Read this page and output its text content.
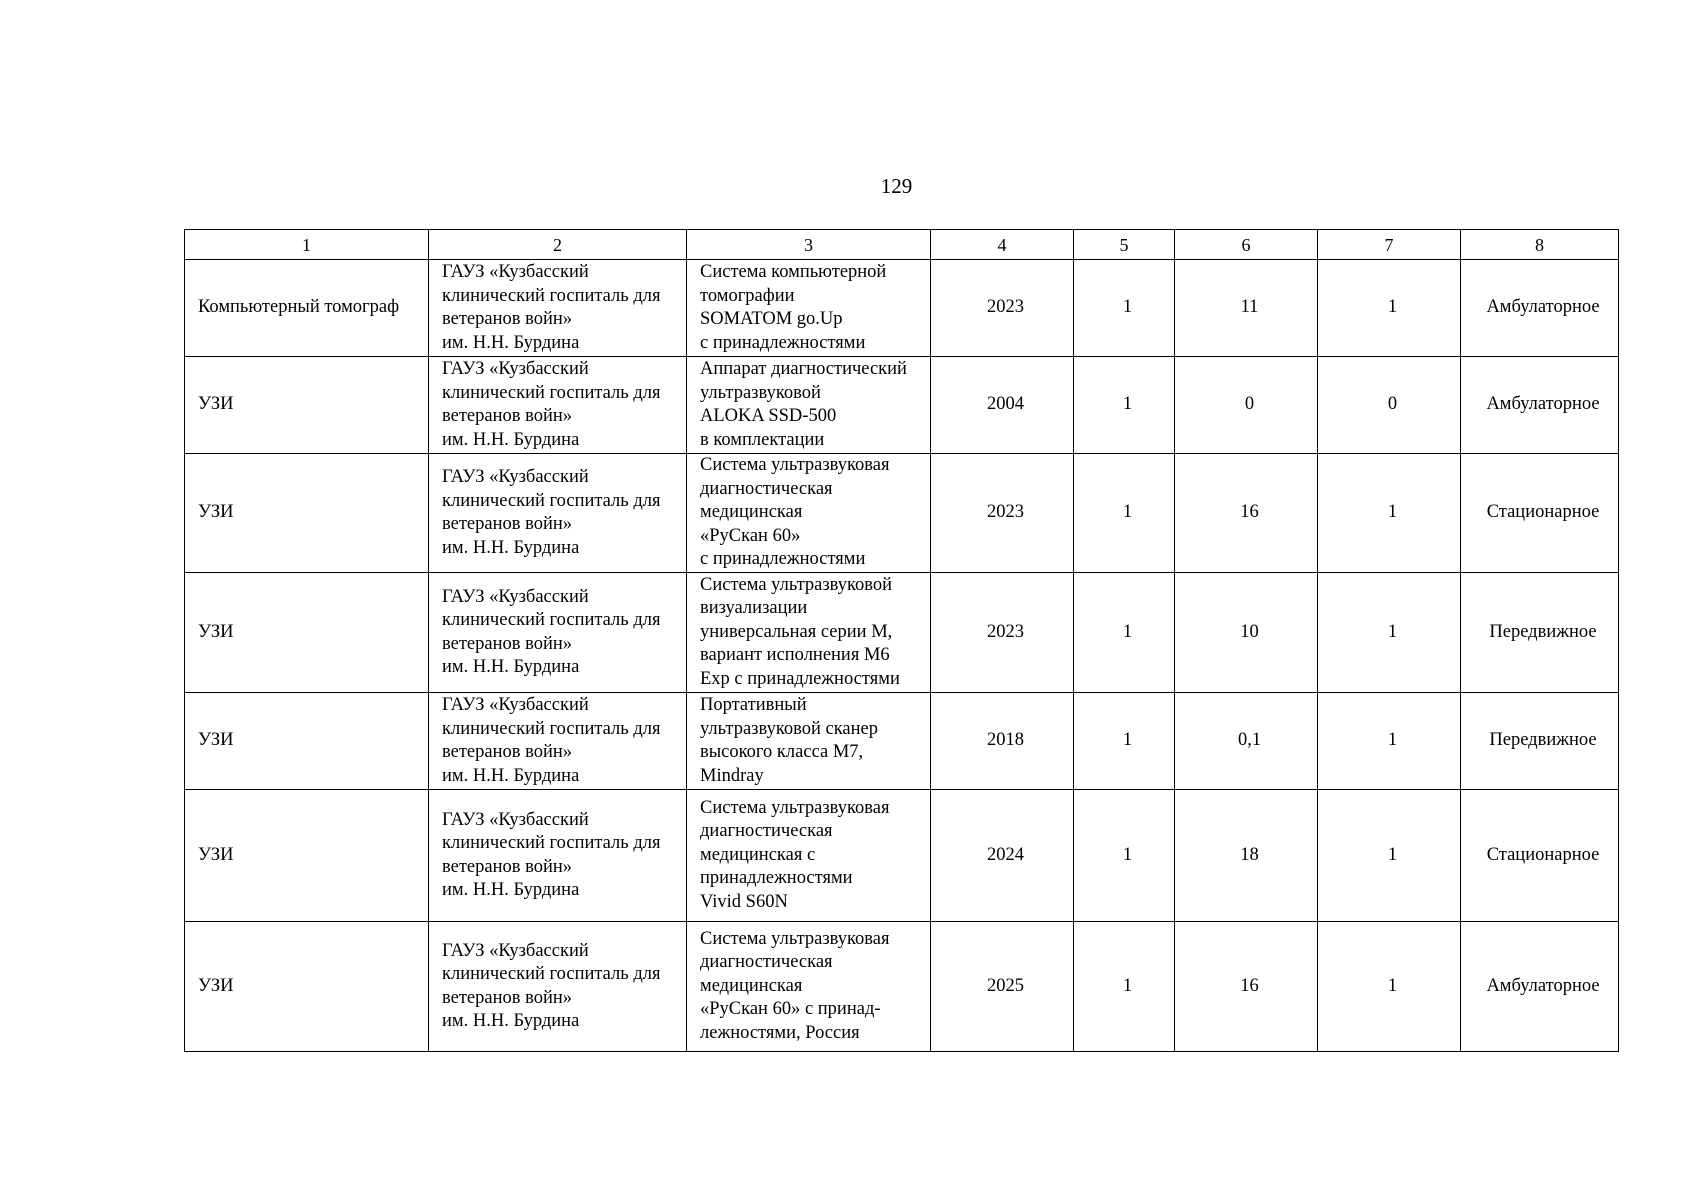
129
1	2	3	4	5	6	7	8
Компьютерный томограф	ГАУЗ «Кузбасский
клинический госпиталь для
ветеранов войн»
им. Н.Н. Бурдина	Система компьютерной
томографии
SOMATOM go.Up
с принадлежностями	2023	1	11	1	Амбулаторное
УЗИ	ГАУЗ «Кузбасский
клинический госпиталь для
ветеранов войн»
им. Н.Н. Бурдина	Аппарат диагностический
ультразвуковой
ALOKA SSD-500
в комплектации	2004	1	0	0	Амбулаторное
УЗИ	ГАУЗ «Кузбасский
клинический госпиталь для
ветеранов войн»
им. Н.Н. Бурдина	Система ультразвуковая
диагностическая
медицинская
«РуСкан 60»
с принадлежностями	2023	1	16	1	Стационарное
УЗИ	ГАУЗ «Кузбасский
клинический госпиталь для
ветеранов войн»
им. Н.Н. Бурдина	Система ультразвуковой
визуализации
универсальная серии M,
вариант исполнения M6
Exp с принадлежностями	2023	1	10	1	Передвижное
УЗИ	ГАУЗ «Кузбасский
клинический госпиталь для
ветеранов войн»
им. Н.Н. Бурдина	Портативный
ультразвуковой сканер
высокого класса М7,
Mindray	2018	1	0,1	1	Передвижное
УЗИ	ГАУЗ «Кузбасский
клинический госпиталь для
ветеранов войн»
им. Н.Н. Бурдина	Система ультразвуковая
диагностическая
медицинская с
принадлежностями
Vivid S60N	2024	1	18	1	Стационарное
УЗИ	ГАУЗ «Кузбасский
клинический госпиталь для
ветеранов войн»
им. Н.Н. Бурдина	Система ультразвуковая
диагностическая
медицинская
«РуСкан 60» с принад-
лежностями, Россия	2025	1	16	1	Амбулаторное
